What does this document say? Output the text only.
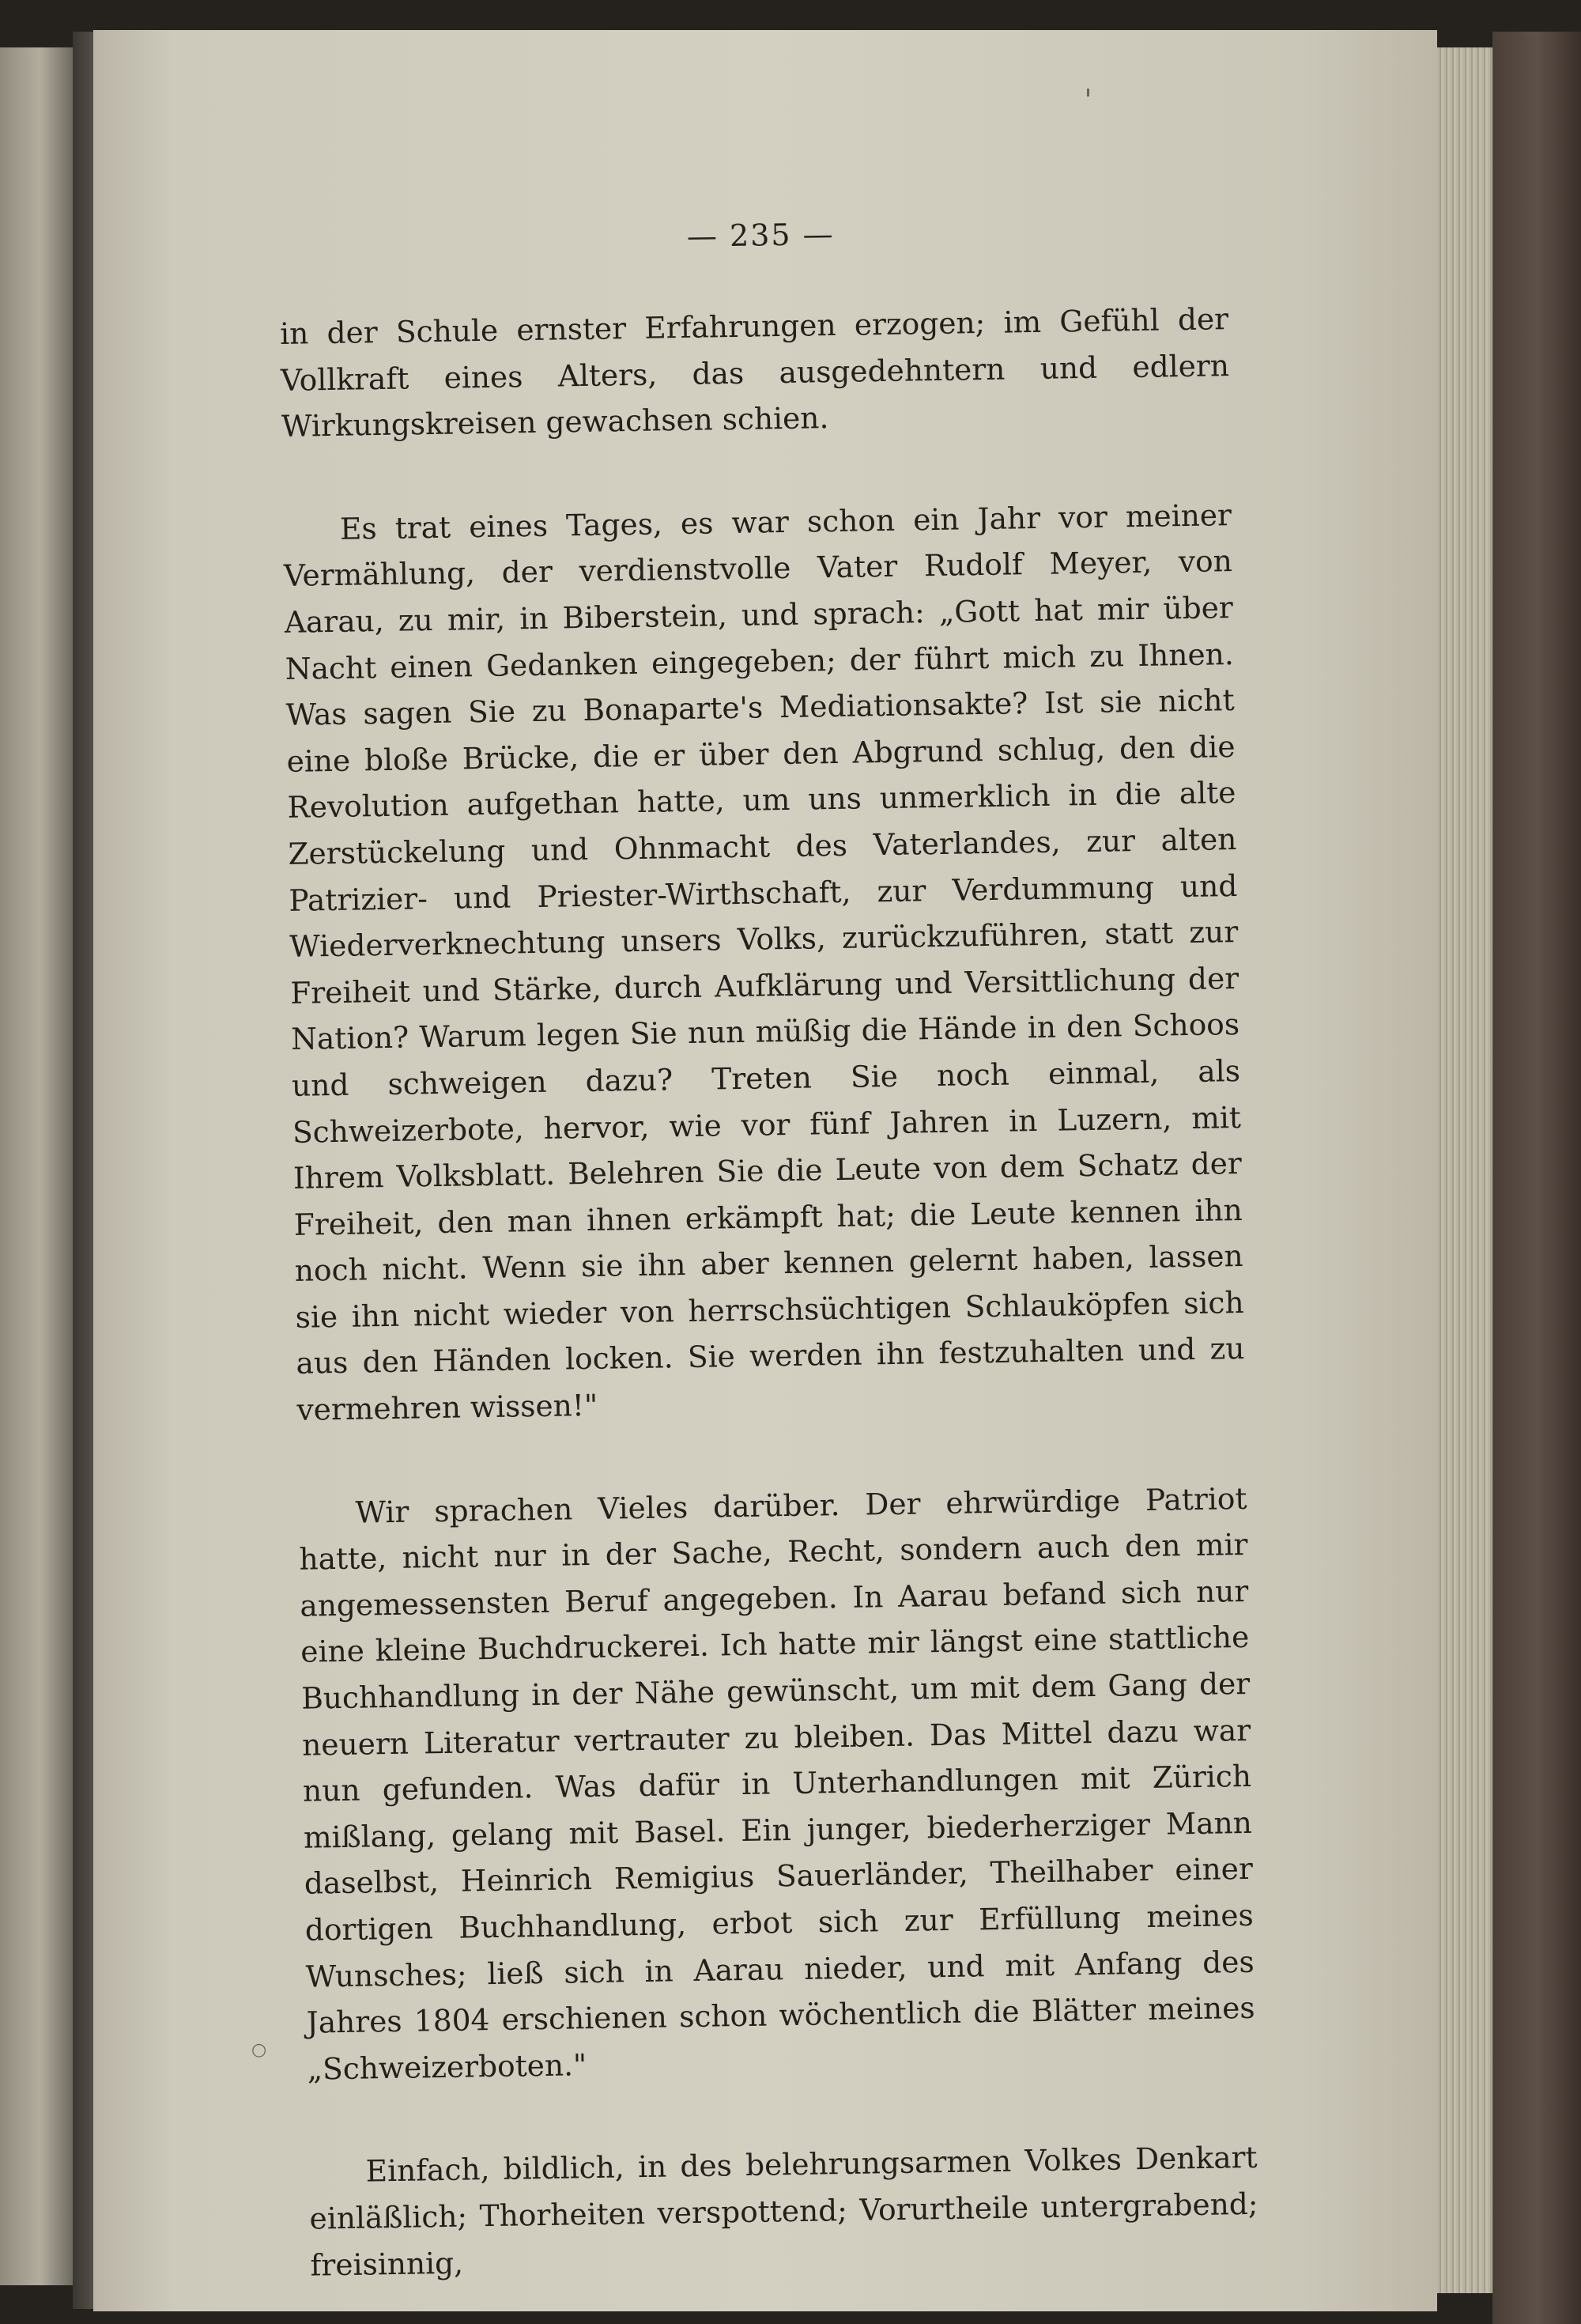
— 235 —

in der Schule ernster Erfahrungen erzogen; im Gefühl der Vollkraft eines Alters, das ausgedehntern und edlern Wirkungskreisen gewachsen schien.

Es trat eines Tages, es war schon ein Jahr vor meiner Vermählung, der verdienstvolle Vater Rudolf Meyer, von Aarau, zu mir, in Biberstein, und sprach: „Gott hat mir über Nacht einen Gedanken eingegeben; der führt mich zu Ihnen. Was sagen Sie zu Bonaparte's Mediationsakte? Ist sie nicht eine bloße Brücke, die er über den Abgrund schlug, den die Revolution aufgethan hatte, um uns unmerklich in die alte Zerstückelung und Ohnmacht des Vaterlandes, zur alten Patrizier- und Priester-Wirthschaft, zur Verdummung und Wiederverknechtung unsers Volks, zurückzuführen, statt zur Freiheit und Stärke, durch Aufklärung und Versittlichung der Nation? Warum legen Sie nun müßig die Hände in den Schoos und schweigen dazu? Treten Sie noch einmal, als Schweizerbote, hervor, wie vor fünf Jahren in Luzern, mit Ihrem Volksblatt. Belehren Sie die Leute von dem Schatz der Freiheit, den man ihnen erkämpft hat; die Leute kennen ihn noch nicht. Wenn sie ihn aber kennen gelernt haben, lassen sie ihn nicht wieder von herrschsüchtigen Schlauköpfen sich aus den Händen locken. Sie werden ihn festzuhalten und zu vermehren wissen!"

Wir sprachen Vieles darüber. Der ehrwürdige Patriot hatte, nicht nur in der Sache, Recht, sondern auch den mir angemessensten Beruf angegeben. In Aarau befand sich nur eine kleine Buchdruckerei. Ich hatte mir längst eine stattliche Buchhandlung in der Nähe gewünscht, um mit dem Gang der neuern Literatur vertrauter zu bleiben. Das Mittel dazu war nun gefunden. Was dafür in Unterhandlungen mit Zürich mißlang, gelang mit Basel. Ein junger, biederherziger Mann daselbst, Heinrich Remigius Sauerländer, Theilhaber einer dortigen Buchhandlung, erbot sich zur Erfüllung meines Wunsches; ließ sich in Aarau nieder, und mit Anfang des Jahres 1804 erschienen schon wöchentlich die Blätter meines „Schweizerboten."

Einfach, bildlich, in des belehrungsarmen Volkes Denkart einläßlich; Thorheiten verspottend; Vorurtheile untergrabend; freisinnig,

○
